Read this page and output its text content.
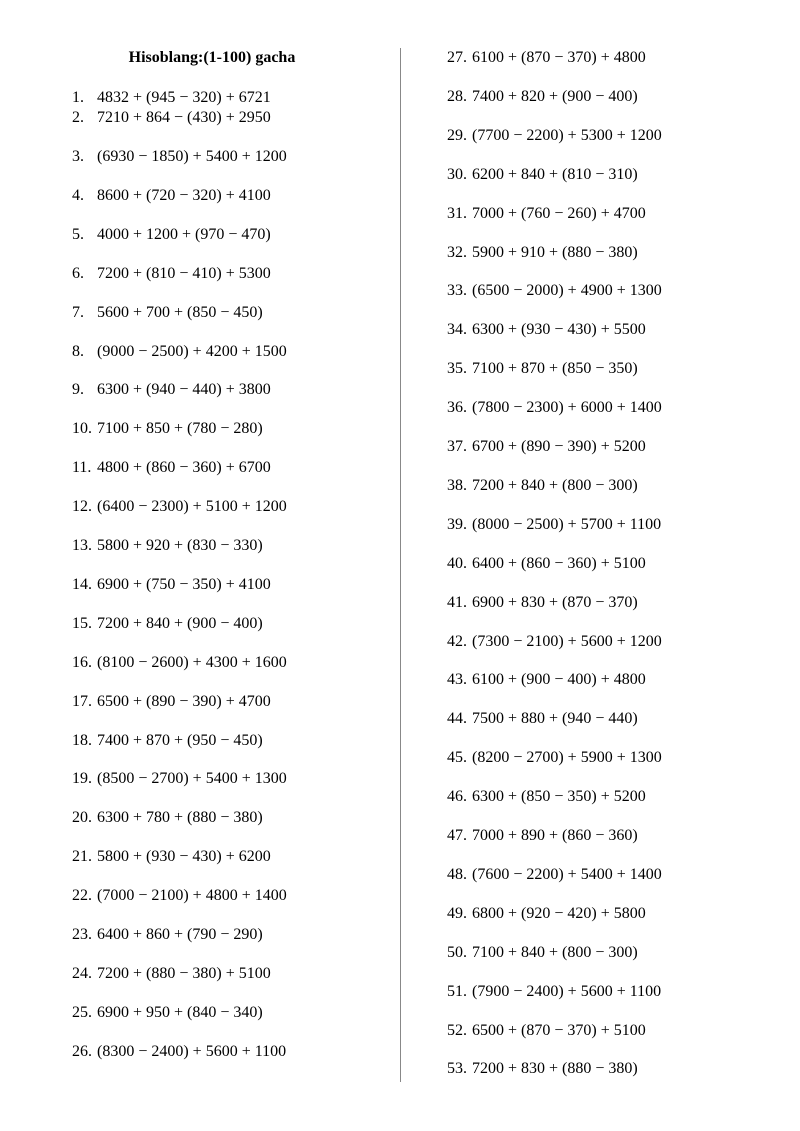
Hisoblang:(1-100) gacha
1. 4832 + (945 − 320) + 6721
2. 7210 + 864 − (430) + 2950
3. (6930 − 1850) + 5400 + 1200
4. 8600 + (720 − 320) + 4100
5. 4000 + 1200 + (970 − 470)
6. 7200 + (810 − 410) + 5300
7. 5600 + 700 + (850 − 450)
8. (9000 − 2500) + 4200 + 1500
9. 6300 + (940 − 440) + 3800
10. 7100 + 850 + (780 − 280)
11. 4800 + (860 − 360) + 6700
12. (6400 − 2300) + 5100 + 1200
13. 5800 + 920 + (830 − 330)
14. 6900 + (750 − 350) + 4100
15. 7200 + 840 + (900 − 400)
16. (8100 − 2600) + 4300 + 1600
17. 6500 + (890 − 390) + 4700
18. 7400 + 870 + (950 − 450)
19. (8500 − 2700) + 5400 + 1300
20. 6300 + 780 + (880 − 380)
21. 5800 + (930 − 430) + 6200
22. (7000 − 2100) + 4800 + 1400
23. 6400 + 860 + (790 − 290)
24. 7200 + (880 − 380) + 5100
25. 6900 + 950 + (840 − 340)
26. (8300 − 2400) + 5600 + 1100
27. 6100 + (870 − 370) + 4800
28. 7400 + 820 + (900 − 400)
29. (7700 − 2200) + 5300 + 1200
30. 6200 + 840 + (810 − 310)
31. 7000 + (760 − 260) + 4700
32. 5900 + 910 + (880 − 380)
33. (6500 − 2000) + 4900 + 1300
34. 6300 + (930 − 430) + 5500
35. 7100 + 870 + (850 − 350)
36. (7800 − 2300) + 6000 + 1400
37. 6700 + (890 − 390) + 5200
38. 7200 + 840 + (800 − 300)
39. (8000 − 2500) + 5700 + 1100
40. 6400 + (860 − 360) + 5100
41. 6900 + 830 + (870 − 370)
42. (7300 − 2100) + 5600 + 1200
43. 6100 + (900 − 400) + 4800
44. 7500 + 880 + (940 − 440)
45. (8200 − 2700) + 5900 + 1300
46. 6300 + (850 − 350) + 5200
47. 7000 + 890 + (860 − 360)
48. (7600 − 2200) + 5400 + 1400
49. 6800 + (920 − 420) + 5800
50. 7100 + 840 + (800 − 300)
51. (7900 − 2400) + 5600 + 1100
52. 6500 + (870 − 370) + 5100
53. 7200 + 830 + (880 − 380)
